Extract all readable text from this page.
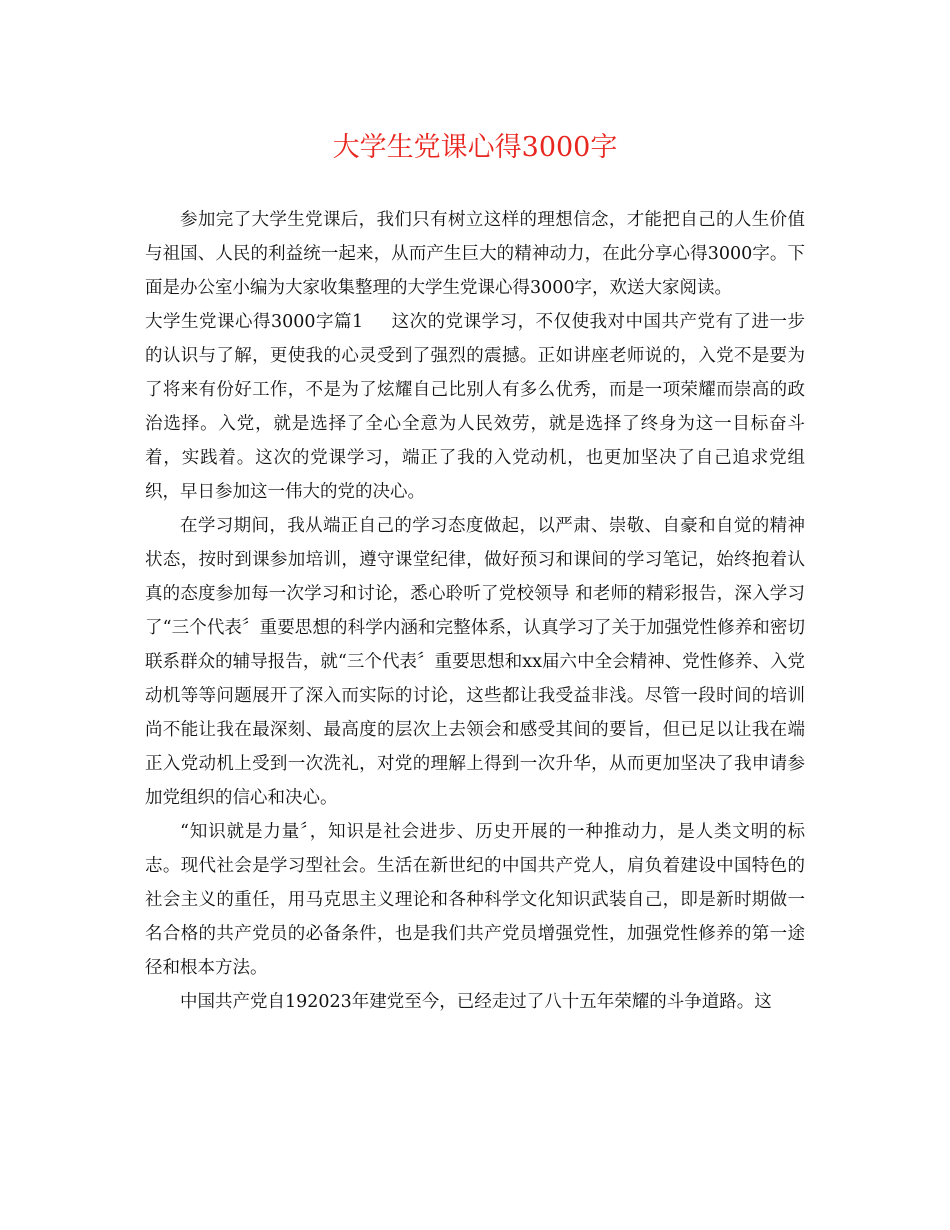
大学生党课心得3000字

参加完了大学生党课后，我们只有树立这样的理想信念，才能把自己的人生价值与祖国、人民的利益统一起来，从而产生巨大的精神动力，在此分享心得3000字。下面是办公室小编为大家收集整理的大学生党课心得3000字，欢送大家阅读。

大学生党课心得3000字篇1 这次的党课学习，不仅使我对中国共产党有了进一步的认识与了解，更使我的心灵受到了强烈的震撼。正如讲座老师说的，入党不是要为了将来有份好工作，不是为了炫耀自己比别人有多么优秀，而是一项荣耀而崇高的政治选择。入党，就是选择了全心全意为人民效劳，就是选择了终身为这一目标奋斗着，实践着。这次的党课学习，端正了我的入党动机，也更加坚决了自己追求党组织，早日参加这一伟大的党的决心。

在学习期间，我从端正自己的学习态度做起，以严肃、崇敬、自豪和自觉的精神状态，按时到课参加培训，遵守课堂纪律，做好预习和课间的学习笔记，始终抱着认真的态度参加每一次学习和讨论，悉心聆听了党校领导 和老师的精彩报告，深入学习了“三个代表〞重要思想的科学内涵和完整体系，认真学习了关于加强党性修养和密切联系群众的辅导报告，就“三个代表〞重要思想和xx届六中全会精神、党性修养、入党动机等等问题展开了深入而实际的讨论，这些都让我受益非浅。尽管一段时间的培训尚不能让我在最深刻、最高度的层次上去领会和感受其间的要旨，但已足以让我在端正入党动机上受到一次洗礼，对党的理解上得到一次升华，从而更加坚决了我申请参加党组织的信心和决心。

“知识就是力量〞，知识是社会进步、历史开展的一种推动力，是人类文明的标志。现代社会是学习型社会。生活在新世纪的中国共产党人，肩负着建设中国特色的社会主义的重任，用马克思主义理论和各种科学文化知识武装自己，即是新时期做一名合格的共产党员的必备条件，也是我们共产党员增强党性，加强党性修养的第一途径和根本方法。

中国共产党自192023年建党至今，已经走过了八十五年荣耀的斗争道路。这
